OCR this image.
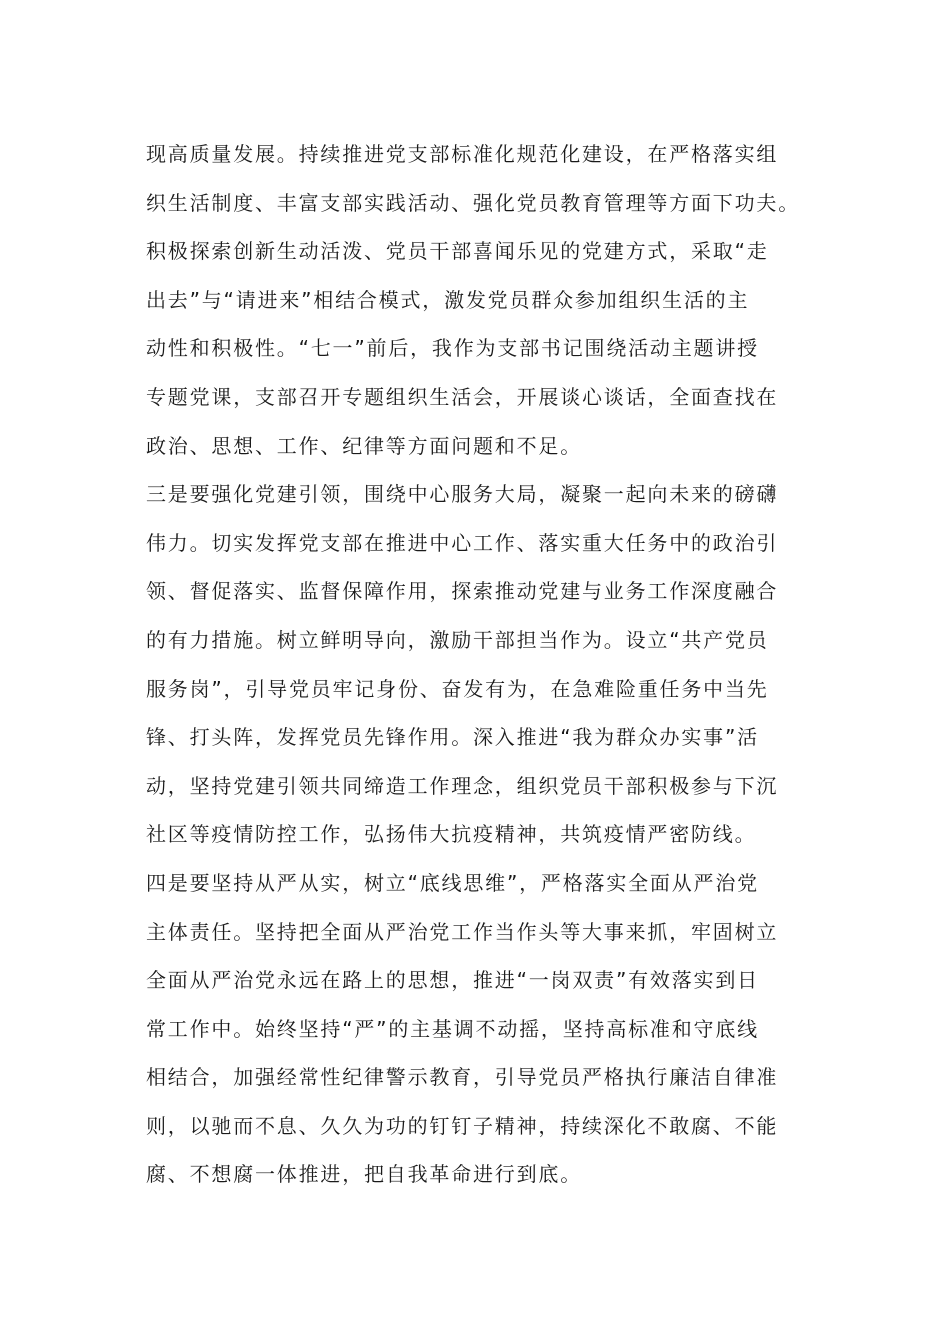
现高质量发展。持续推进党支部标准化规范化建设，在严格落实组
织生活制度、丰富支部实践活动、强化党员教育管理等方面下功夫。
积极探索创新生动活泼、党员干部喜闻乐见的党建方式，采取“走
出去”与“请进来”相结合模式，激发党员群众参加组织生活的主
动性和积极性。“七一”前后，我作为支部书记围绕活动主题讲授
专题党课，支部召开专题组织生活会，开展谈心谈话，全面查找在
政治、思想、工作、纪律等方面问题和不足。
三是要强化党建引领，围绕中心服务大局，凝聚一起向未来的磅礴
伟力。切实发挥党支部在推进中心工作、落实重大任务中的政治引
领、督促落实、监督保障作用，探索推动党建与业务工作深度融合
的有力措施。树立鲜明导向，激励干部担当作为。设立“共产党员
服务岗”，引导党员牢记身份、奋发有为，在急难险重任务中当先
锋、打头阵，发挥党员先锋作用。深入推进“我为群众办实事”活
动，坚持党建引领共同缔造工作理念，组织党员干部积极参与下沉
社区等疫情防控工作，弘扬伟大抗疫精神，共筑疫情严密防线。
四是要坚持从严从实，树立“底线思维”，严格落实全面从严治党
主体责任。坚持把全面从严治党工作当作头等大事来抓，牢固树立
全面从严治党永远在路上的思想，推进“一岗双责”有效落实到日
常工作中。始终坚持“严”的主基调不动摇，坚持高标准和守底线
相结合，加强经常性纪律警示教育，引导党员严格执行廉洁自律准
则，以驰而不息、久久为功的钉钉子精神，持续深化不敢腐、不能
腐、不想腐一体推进，把自我革命进行到底。
